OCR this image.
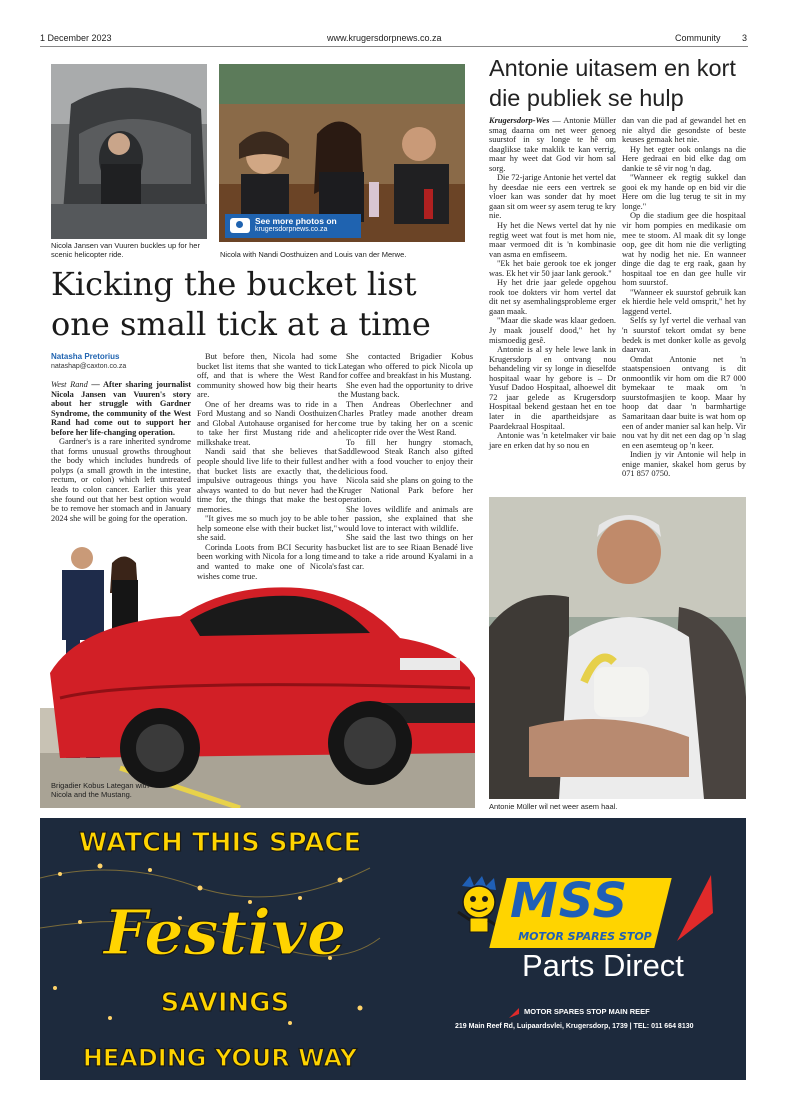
1 December 2023	www.krugersdorpnews.co.za	Community 3
Nicola Jansen van Vuuren buckles up for her scenic helicopter ride.
See more photos on
krugersdorpnews.co.za
Nicola with Nandi Oosthuizen and Louis van der Merwe.
Kicking the bucket list
one small tick at a time
Natasha Pretorius
natashap@caxton.co.za

West Rand — After sharing journalist Nicola Jansen van Vuuren's story about her struggle with Gardner Syndrome, the community of the West Rand had come out to support her before her life-changing operation.

Gardner's is a rare inherited syndrome that forms unusual growths throughout the body which includes hundreds of polyps (a small growth in the intestine, rectum, or colon) which left untreated leads to colon cancer. Earlier this year she found out that her best option would be to remove her stomach and in January 2024 she will be going for the operation.

But before then, Nicola had some bucket list items that she wanted to tick off, and that is where the West Rand community showed how big their hearts are.

One of her dreams was to ride in a Ford Mustang and so Nandi Oosthuizen and Global Autohause organised for her to take her first Mustang ride and a milkshake treat.

Nandi said that she believes that people should live life to their fullest and that bucket lists are exactly that, the impulsive outrageous things you have always wanted to do but never had the time for, the things that make the best memories.

"It gives me so much joy to be able to help someone else with their bucket list," she said.

Corinda Loots from BCI Security has been working with Nicola for a long time and wanted to make one of Nicola's wishes come true.

She contacted Brigadier Kobus Lategan who offered to pick Nicola up for coffee and breakfast in his Mustang.

She even had the opportunity to drive the Mustang back.

Then Andreas Oberlechner and Charles Pratley made another dream come true by taking her on a scenic helicopter ride over the West Rand.

To fill her hungry stomach, Saddlewood Steak Ranch also gifted her with a food voucher to enjoy their delicious food.

Nicola said she plans on going to the Kruger National Park before her operation.

She loves wildlife and animals are her passion, she explained that she would love to interact with wildlife.

She said the last two things on her bucket list are to see Riaan Benadé live and to take a ride around Kyalami in a fast car.

Brigadier Kobus Lategan with Nicola and the Mustang.
Antonie uitasem en kort die publiek se hulp

Krugersdorp-Wes — Antonie Müller smag daarna om net weer genoeg suurstof in sy longe te hê om daaglikse take maklik te kan verrig, maar hy weet dat God vir hom sal sorg.

Die 72-jarige Antonie het vertel dat hy deesdae nie eers een vertrek se vloer kan was sonder dat hy moet gaan sit om weer sy asem terug te kry nie.

Hy het die News vertel dat hy nie regtig weet wat fout is met hom nie, maar vermoed dit is 'n kombinasie van asma en emfiseem.

"Ek het baie gerook toe ek jonger was. Ek het vir 50 jaar lank gerook."

Hy het drie jaar gelede opgehou rook toe dokters vir hom vertel dat dit net sy asemhalingsprobleme erger gaan maak.

"Maar die skade was klaar gedoen. Jy maak jouself dood," het hy mismoedig gesê.

Antonie is al sy hele lewe lank in Krugersdorp en ontvang nou behandeling vir sy longe in dieselfde hospitaal waar hy gebore is – Dr Yusuf Dadoo Hospitaal, alhoewel dit 72 jaar gelede as Krugersdorp Hospitaal bekend gestaan het en toe later in die apartheidsjare as Paardekraal Hospitaal.

Antonie was 'n ketelmaker vir baie jare en erken dat hy so nou en

dan van die pad af gewandel het en nie altyd die gesondste of beste keuses gemaak het nie.

Hy het egter ook onlangs na die Here gedraai en bid elke dag om dankie te sê vir nog 'n dag.

"Wanneer ek regtig sukkel dan gooi ek my hande op en bid vir die Here om die lug terug te sit in my longe."

Op die stadium gee die hospitaal vir hom pompies en medikasie om mee te stoom. Al maak dit sy longe oop, gee dit hom nie die verligting wat hy nodig het nie. En wanneer dinge die dag te erg raak, gaan hy hospitaal toe en dan gee hulle vir hom suurstof.

"Wanneer ek suurstof gebruik kan ek hierdie hele veld omsprit," het hy laggend vertel.

Selfs sy lyf vertel die verhaal van 'n suurstof tekort omdat sy bene bedek is met donker kolle as gevolg daarvan.

Omdat Antonie net 'n staatspensioen ontvang is dit onmoontlik vir hom om die R7 000 bymekaar te maak om 'n suurstofmasjien te koop. Maar hy hoop dat daar 'n barmhartige Samaritaan daar buite is wat hom op een of ander manier sal kan help. Vir nou vat hy dit net een dag op 'n slag en een asemteug op 'n keer.

Indien jy vir Antonie wil help in enige manier, skakel hom gerus by 071 857 0750.

Antonie Müller wil net weer asem haal.
WATCH THIS SPACE
Festive
SAVINGS
HEADING YOUR WAY
MSS
MOTOR SPARES STOP
Parts Direct
MOTOR SPARES STOP MAIN REEF
219 Main Reef Rd, Luipaardsvlei, Krugersdorp, 1739 | TEL: 011 664 8130
